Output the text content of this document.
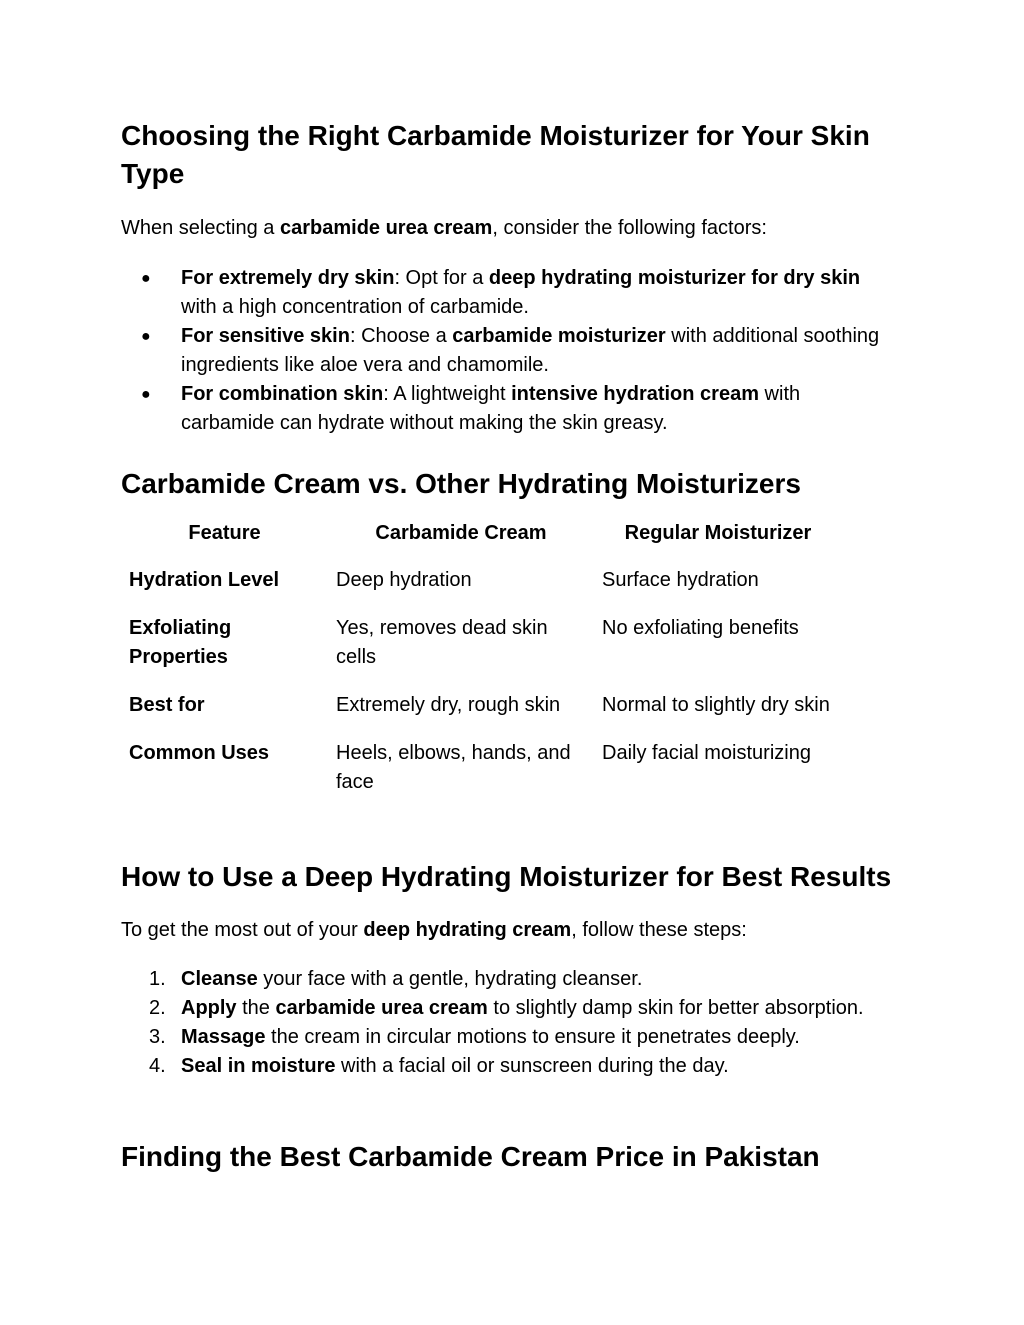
Choosing the Right Carbamide Moisturizer for Your Skin Type

When selecting a carbamide urea cream, consider the following factors:

● For extremely dry skin: Opt for a deep hydrating moisturizer for dry skin with a high concentration of carbamide.
● For sensitive skin: Choose a carbamide moisturizer with additional soothing ingredients like aloe vera and chamomile.
● For combination skin: A lightweight intensive hydration cream with carbamide can hydrate without making the skin greasy.
Carbamide Cream vs. Other Hydrating Moisturizers
Feature	Carbamide Cream	Regular Moisturizer
Hydration Level	Deep hydration	Surface hydration
Exfoliating Properties	Yes, removes dead skin cells	No exfoliating benefits
Best for	Extremely dry, rough skin	Normal to slightly dry skin
Common Uses	Heels, elbows, hands, and face	Daily facial moisturizing
How to Use a Deep Hydrating Moisturizer for Best Results

To get the most out of your deep hydrating cream, follow these steps:

1. Cleanse your face with a gentle, hydrating cleanser.
2. Apply the carbamide urea cream to slightly damp skin for better absorption.
3. Massage the cream in circular motions to ensure it penetrates deeply.
4. Seal in moisture with a facial oil or sunscreen during the day.
Finding the Best Carbamide Cream Price in Pakistan
